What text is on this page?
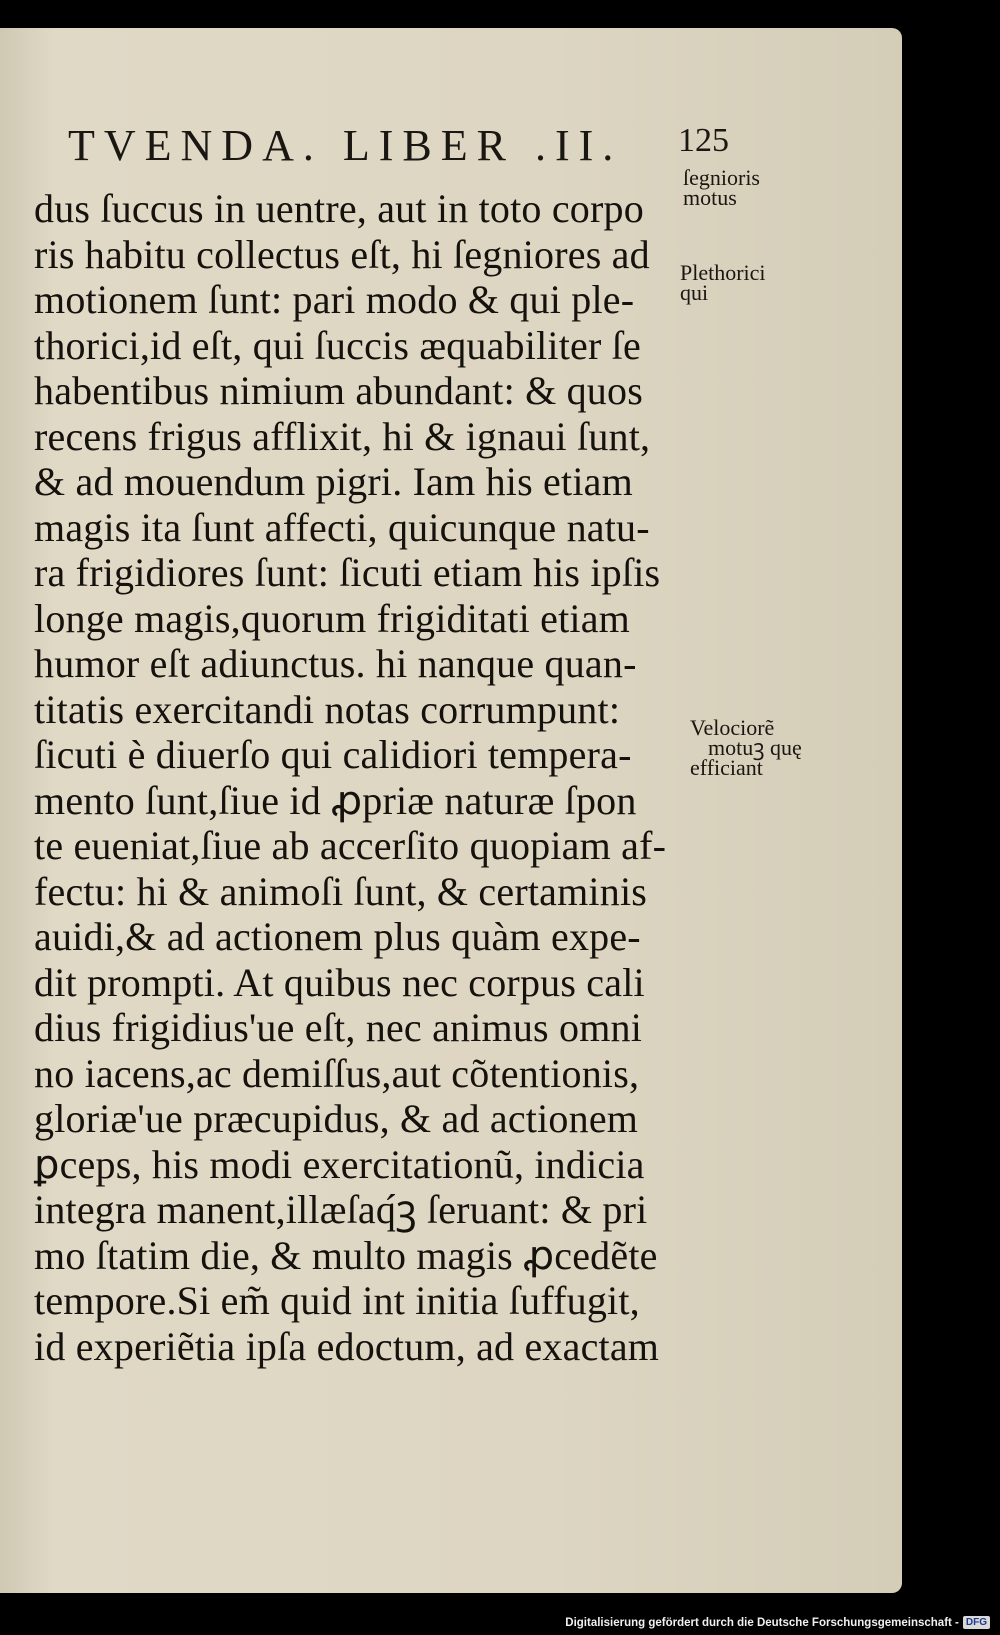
TVENDA. LIBER .II. 125
dus ſuccus in uentre, aut in toto corpo
ris habitu collectus eſt, hi ſegniores ad
motionem ſunt: pari modo & qui ple-
thorici,id eſt, qui ſuccis æquabiliter ſe
habentibus nimium abundant: & quos
recens frigus afflixit, hi & ignaui ſunt,
& ad mouendum pigri. Iam his etiam
magis ita ſunt affecti, quicunque natu-
ra frigidiores ſunt: ſicuti etiam his ipſis
longe magis,quorum frigiditati etiam
humor eſt adiunctus. hi nanque quan-
titatis exercitandi notas corrumpunt:
ſicuti è diuerſo qui calidiori tempera-
mento ſunt,ſiue id ꝓpriæ naturæ ſpon
te eueniat,ſiue ab accerſito quopiam af-
fectu: hi & animoſi ſunt, & certaminis
auidi,& ad actionem plus quàm expe-
dit prompti. At quibus nec corpus cali
dius frigidius'ue eſt, nec animus omni
no iacens,ac demiſſus,aut cõtentionis,
gloriæ'ue præcupidus, & ad actionem
ꝑceps, his modi exercitationũ, indicia
integra manent,illæſaq́ꝫ ſeruant: & pri
mo ſtatim die, & multo magis ꝓcedẽte
tempore.Si em̃ quid int initia ſuffugit,
id experiẽtia ipſa edoctum, ad exactam
ſegnioris
motus
Plethorici
qui
Velociorẽ
motuꝫ quę
efficiant
Digitalisierung gefördert durch die Deutsche Forschungsgemeinschaft - DFG
